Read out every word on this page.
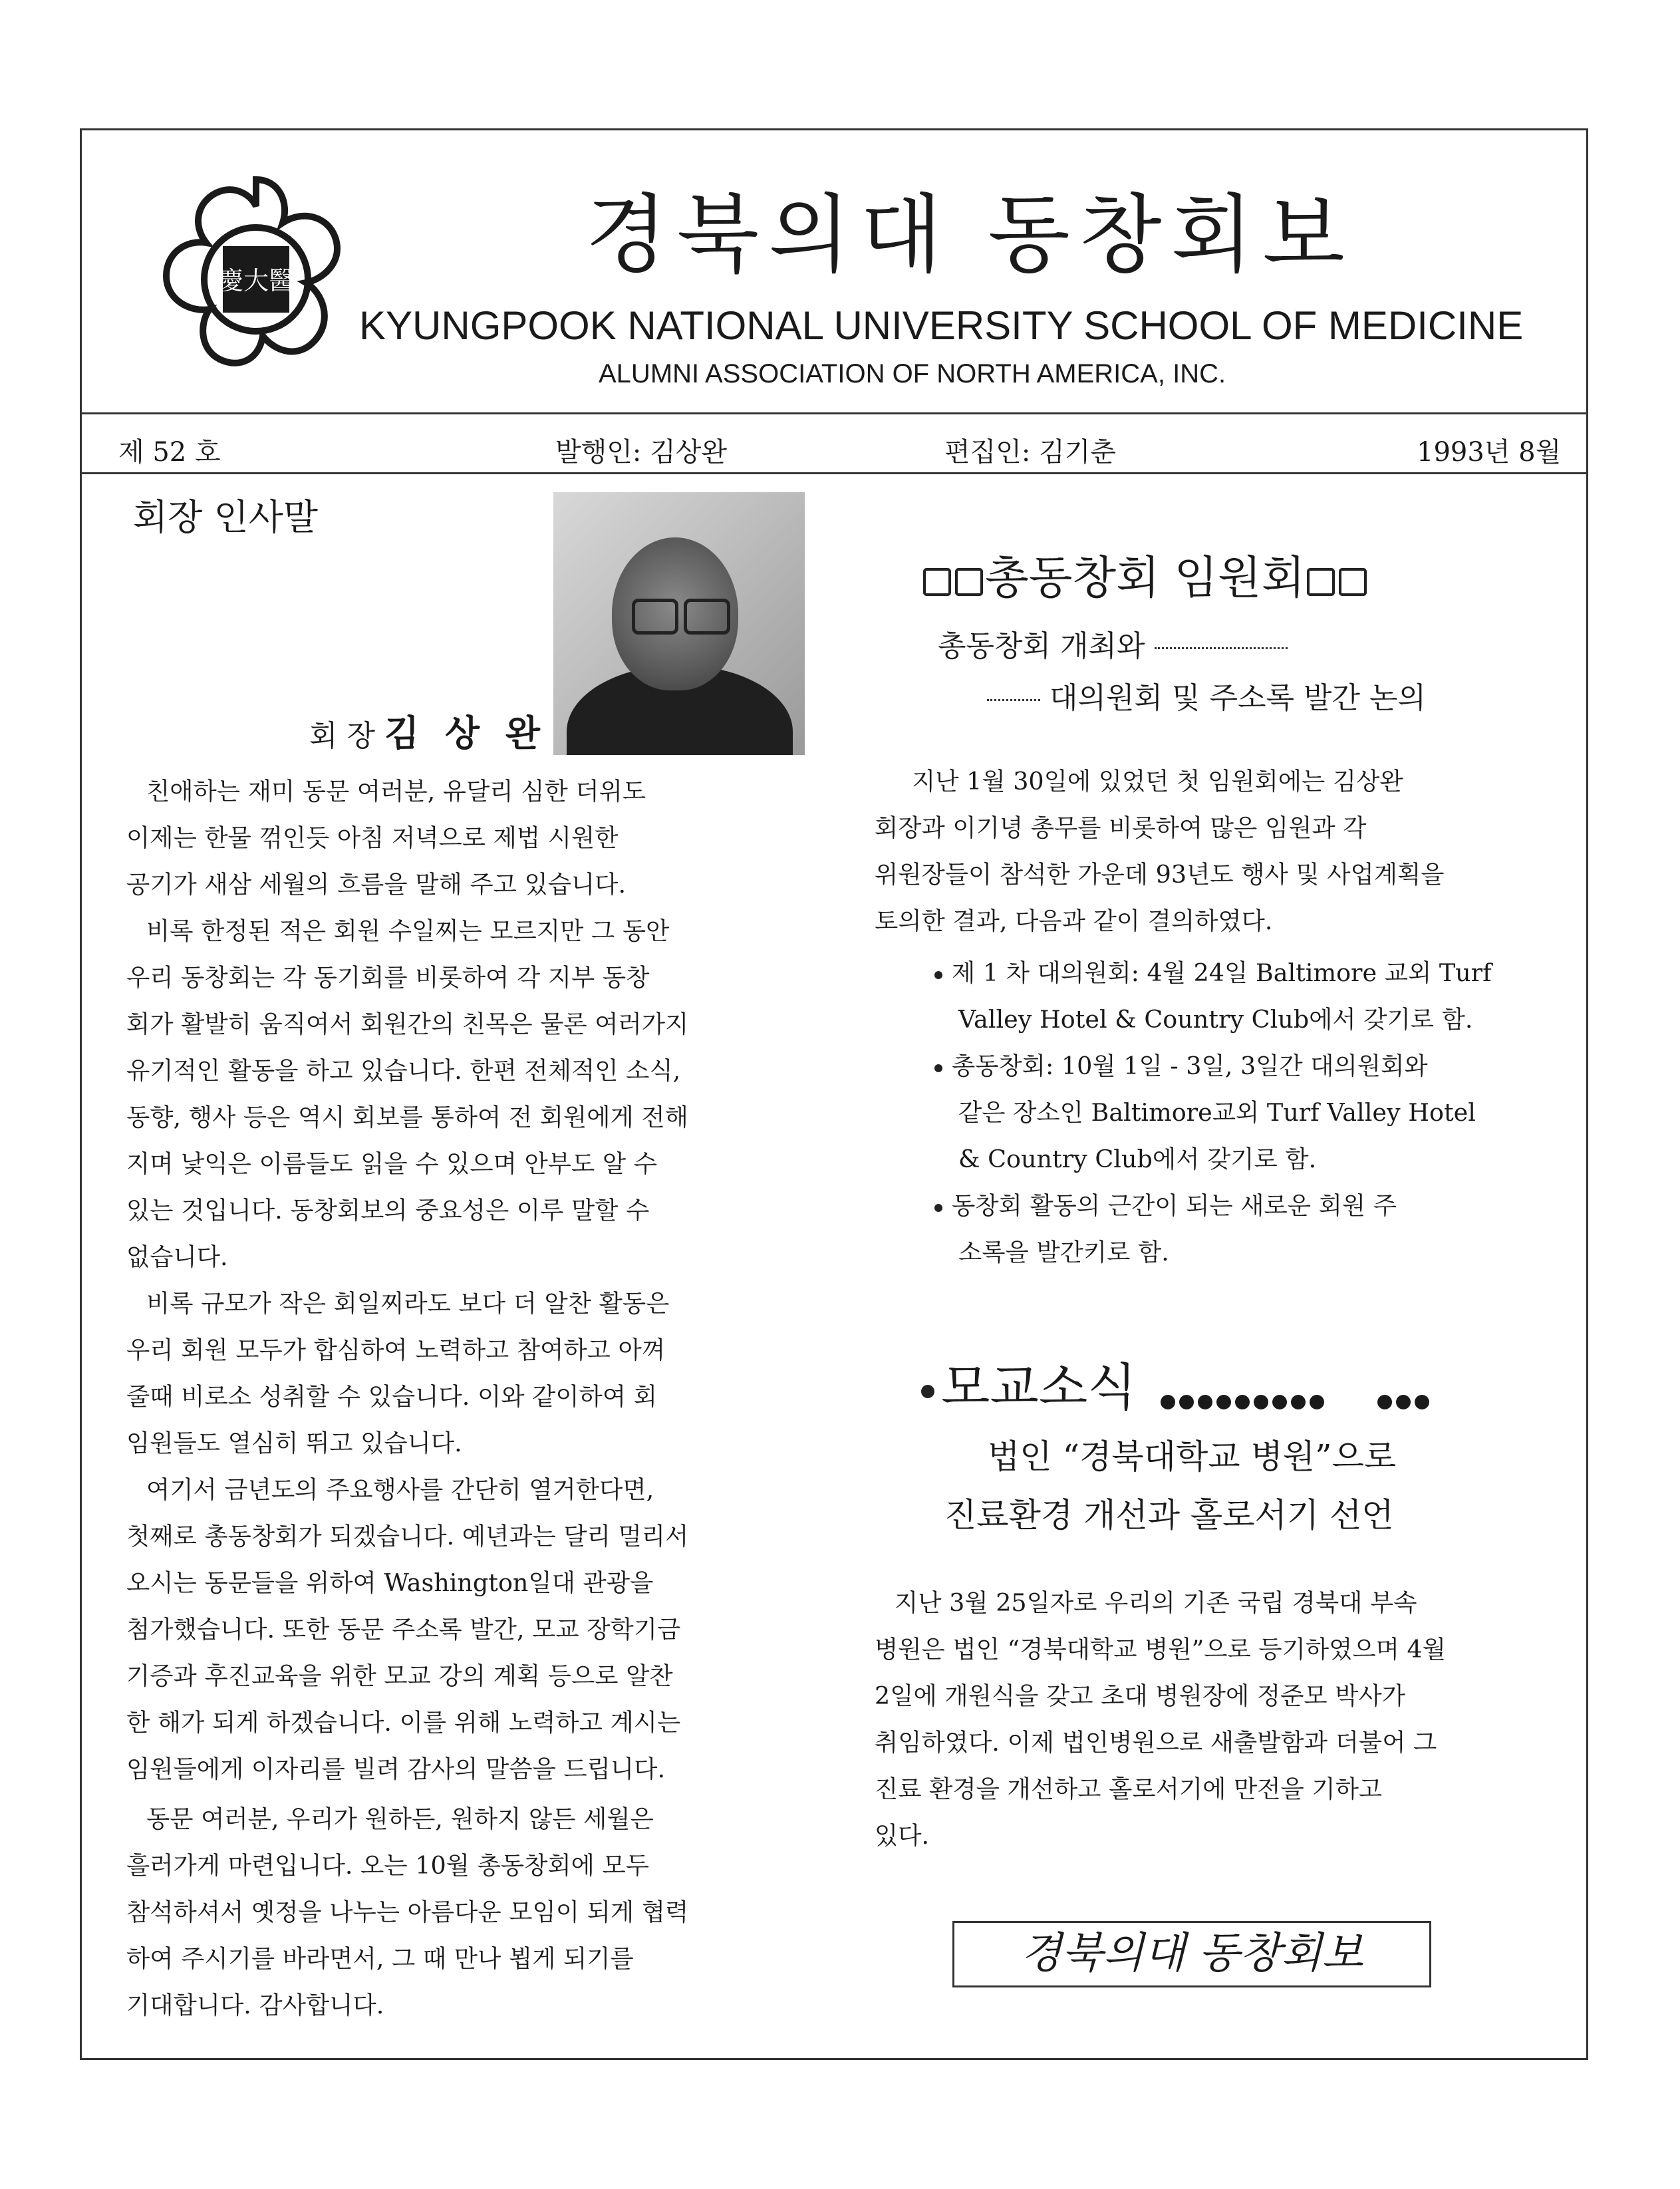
慶大醫	경북의대 동창회보
KYUNGPOOK NATIONAL UNIVERSITY SCHOOL OF MEDICINE
ALUMNI ASSOCIATION OF NORTH AMERICA, INC.
제 52 호	발행인: 김상완	편집인: 김기춘	1993년 8월
회장 인사말
회 장 김 상 완
친애하는 재미 동문 여러분, 유달리 심한 더위도
이제는 한물 꺾인듯 아침 저녁으로 제법 시원한
공기가 새삼 세월의 흐름을 말해 주고 있습니다.
비록 한정된 적은 회원 수일찌는 모르지만 그 동안
우리 동창회는 각 동기회를 비롯하여 각 지부 동창
회가 활발히 움직여서 회원간의 친목은 물론 여러가지
유기적인 활동을 하고 있습니다. 한편 전체적인 소식,
동향, 행사 등은 역시 회보를 통하여 전 회원에게 전해
지며 낯익은 이름들도 읽을 수 있으며 안부도 알 수
있는 것입니다. 동창회보의 중요성은 이루 말할 수
없습니다.
비록 규모가 작은 회일찌라도 보다 더 알찬 활동은
우리 회원 모두가 합심하여 노력하고 참여하고 아껴
줄때 비로소 성취할 수 있습니다. 이와 같이하여 회
임원들도 열심히 뛰고 있습니다.
여기서 금년도의 주요행사를 간단히 열거한다면,
첫째로 총동창회가 되겠습니다. 예년과는 달리 멀리서
오시는 동문들을 위하여 Washington일대 관광을
첨가했습니다. 또한 동문 주소록 발간, 모교 장학기금
기증과 후진교육을 위한 모교 강의 계획 등으로 알찬
한 해가 되게 하겠습니다. 이를 위해 노력하고 계시는
임원들에게 이자리를 빌려 감사의 말씀을 드립니다.
동문 여러분, 우리가 원하든, 원하지 않든 세월은
흘러가게 마련입니다. 오는 10월 총동창회에 모두
참석하셔서 옛정을 나누는 아름다운 모임이 되게 협력
하여 주시기를 바라면서, 그 때 만나 뵙게 되기를
기대합니다. 감사합니다.
총동창회 임원회
총동창회 개최와
대의원회 및 주소록 발간 논의
지난 1월 30일에 있었던 첫 임원회에는 김상완
회장과 이기녕 총무를 비롯하여 많은 임원과 각
위원장들이 참석한 가운데 93년도 행사 및 사업계획을
토의한 결과, 다음과 같이 결의하였다.
제 1 차 대의원회: 4월 24일 Baltimore 교외 Turf
Valley Hotel & Country Club에서 갖기로 함.
총동창회: 10월 1일 - 3일, 3일간 대의원회와
같은 장소인 Baltimore교외 Turf Valley Hotel
& Country Club에서 갖기로 함.
동창회 활동의 근간이 되는 새로운 회원 주
소록을 발간키로 함.
모교소식
법인 “경북대학교 병원”으로
진료환경 개선과 홀로서기 선언
지난 3월 25일자로 우리의 기존 국립 경북대 부속
병원은 법인 “경북대학교 병원”으로 등기하였으며 4월
2일에 개원식을 갖고 초대 병원장에 정준모 박사가
취임하였다. 이제 법인병원으로 새출발함과 더불어 그
진료 환경을 개선하고 홀로서기에 만전을 기하고
있다.
경북의대 동창회보
